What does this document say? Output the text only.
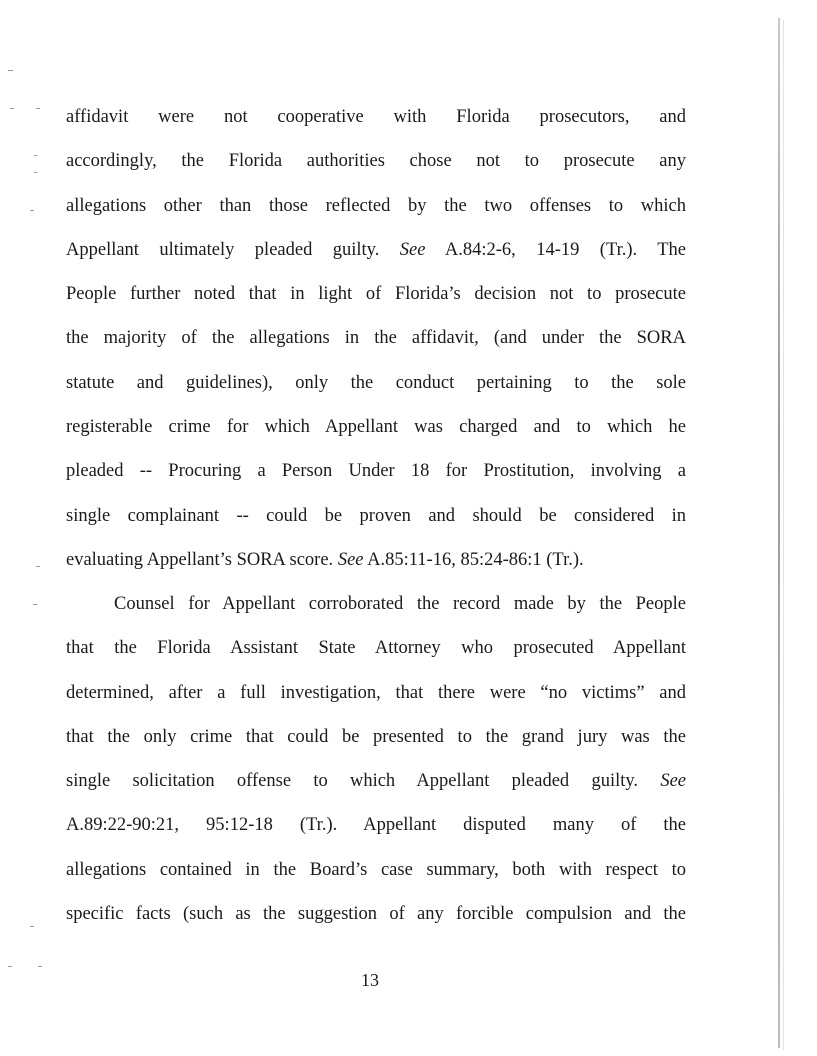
affidavit were not cooperative with Florida prosecutors, and
accordingly, the Florida authorities chose not to prosecute any
allegations other than those reflected by the two offenses to which
Appellant ultimately pleaded guilty. See A.84:2-6, 14-19 (Tr.). The
People further noted that in light of Florida’s decision not to prosecute
the majority of the allegations in the affidavit, (and under the SORA
statute and guidelines), only the conduct pertaining to the sole
registerable crime for which Appellant was charged and to which he
pleaded -- Procuring a Person Under 18 for Prostitution, involving a
single complainant -- could be proven and should be considered in
evaluating Appellant’s SORA score. See A.85:11-16, 85:24-86:1 (Tr.).
Counsel for Appellant corroborated the record made by the People
that the Florida Assistant State Attorney who prosecuted Appellant
determined, after a full investigation, that there were “no victims” and
that the only crime that could be presented to the grand jury was the
single solicitation offense to which Appellant pleaded guilty. See
A.89:22-90:21, 95:12-18 (Tr.). Appellant disputed many of the
allegations contained in the Board’s case summary, both with respect to
specific facts (such as the suggestion of any forcible compulsion and the
13
